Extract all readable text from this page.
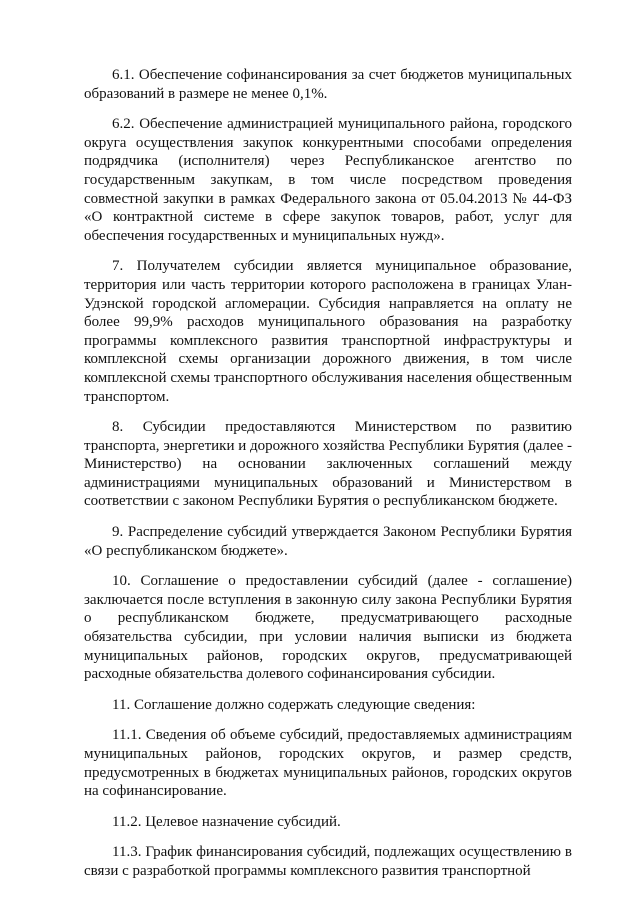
6.1. Обеспечение софинансирования за счет бюджетов муниципальных образований в размере не менее 0,1%.

6.2. Обеспечение администрацией муниципального района, городского округа осуществления закупок конкурентными способами определения подрядчика (исполнителя) через Республиканское агентство по государственным закупкам, в том числе посредством проведения совместной закупки в рамках Федерального закона от 05.04.2013 № 44-ФЗ «О контрактной системе в сфере закупок товаров, работ, услуг для обеспечения государственных и муниципальных нужд».

7. Получателем субсидии является муниципальное образование, территория или часть территории которого расположена в границах Улан-Удэнской городской агломерации. Субсидия направляется на оплату не более 99,9% расходов муниципального образования на разработку программы комплексного развития транспортной инфраструктуры и комплексной схемы организации дорожного движения, в том числе комплексной схемы транспортного обслуживания населения общественным транспортом.

8. Субсидии предоставляются Министерством по развитию транспорта, энергетики и дорожного хозяйства Республики Бурятия (далее - Министерство) на основании заключенных соглашений между администрациями муниципальных образований и Министерством в соответствии с законом Республики Бурятия о республиканском бюджете.

9. Распределение субсидий утверждается Законом Республики Бурятия «О республиканском бюджете».

10. Соглашение о предоставлении субсидий (далее - соглашение) заключается после вступления в законную силу закона Республики Бурятия о республиканском бюджете, предусматривающего расходные обязательства субсидии, при условии наличия выписки из бюджета муниципальных районов, городских округов, предусматривающей расходные обязательства долевого софинансирования субсидии.

11. Соглашение должно содержать следующие сведения:

11.1. Сведения об объеме субсидий, предоставляемых администрациям муниципальных районов, городских округов, и размер средств, предусмотренных в бюджетах муниципальных районов, городских округов на софинансирование.

11.2. Целевое назначение субсидий.

11.3. График финансирования субсидий, подлежащих осуществлению в связи с разработкой программы комплексного развития транспортной
